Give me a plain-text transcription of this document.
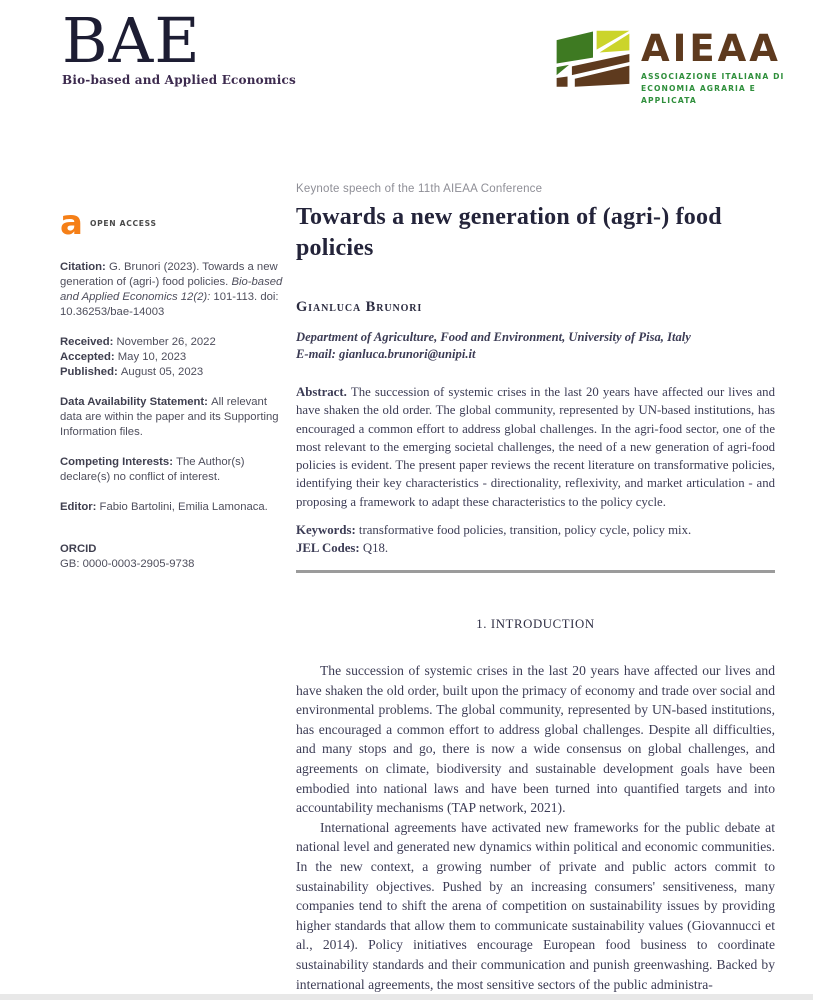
BAE
Bio-based and Applied Economics
AIEAA
ASSOCIAZIONE ITALIANA DI
ECONOMIA AGRARIA E APPLICATA
a OPEN ACCESS
Citation: G. Brunori (2023). Towards a new generation of (agri-) food policies. Bio-based and Applied Economics 12(2): 101-113. doi: 10.36253/bae-14003
Received: November 26, 2022
Accepted: May 10, 2023
Published: August 05, 2023
Data Availability Statement: All relevant data are within the paper and its Supporting Information files.
Competing Interests: The Author(s) declare(s) no conflict of interest.
Editor: Fabio Bartolini, Emilia Lamonaca.
ORCID
GB: 0000-0003-2905-9738
Keynote speech of the 11th AIEAA Conference
Towards a new generation of (agri-) food policies
Gianluca Brunori
Department of Agriculture, Food and Environment, University of Pisa, Italy
E-mail: gianluca.brunori@unipi.it
Abstract. The succession of systemic crises in the last 20 years have affected our lives and have shaken the old order. The global community, represented by UN-based institutions, has encouraged a common effort to address global challenges. In the agri-food sector, one of the most relevant to the emerging societal challenges, the need of a new generation of agri-food policies is evident. The present paper reviews the recent literature on transformative policies, identifying their key characteristics - directionality, reflexivity, and market articulation - and proposing a framework to adapt these characteristics to the policy cycle.
Keywords: transformative food policies, transition, policy cycle, policy mix.
JEL Codes: Q18.
1. INTRODUCTION

The succession of systemic crises in the last 20 years have affected our lives and have shaken the old order, built upon the primacy of economy and trade over social and environmental problems. The global community, represented by UN-based institutions, has encouraged a common effort to address global challenges. Despite all difficulties, and many stops and go, there is now a wide consensus on global challenges, and agreements on climate, biodiversity and sustainable development goals have been embodied into national laws and have been turned into quantified targets and into accountability mechanisms (TAP network, 2021).

International agreements have activated new frameworks for the public debate at national level and generated new dynamics within political and economic communities. In the new context, a growing number of private and public actors commit to sustainability objectives. Pushed by an increasing consumers' sensitiveness, many companies tend to shift the arena of competition on sustainability issues by providing higher standards that allow them to communicate sustainability values (Giovannucci et al., 2014). Policy initiatives encourage European food business to coordinate sustainability standards and their communication and punish greenwashing. Backed by international agreements, the most sensitive sectors of the public administra-
